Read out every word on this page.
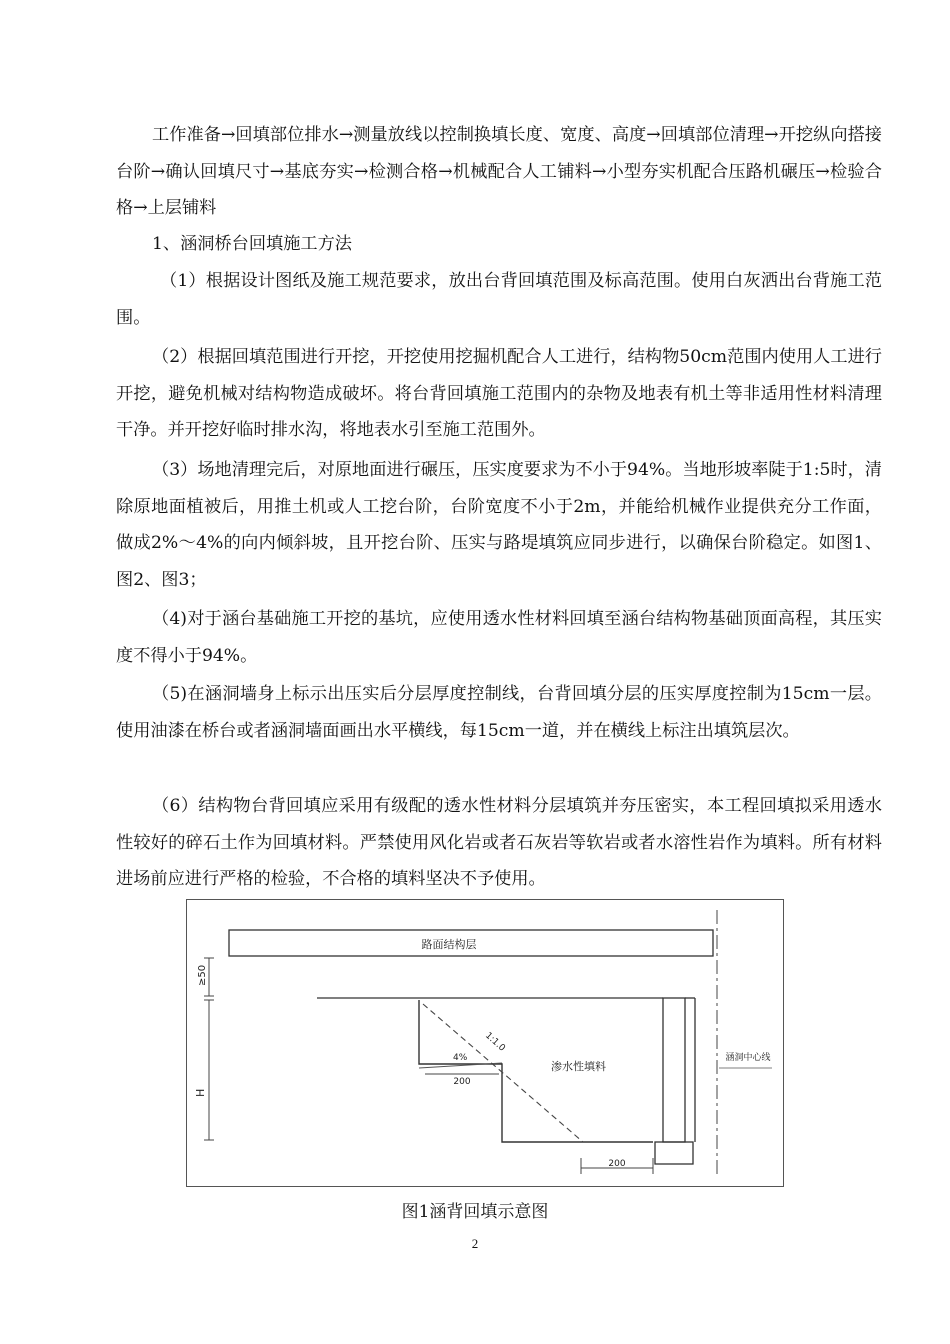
工作准备→回填部位排水→测量放线以控制换填长度、宽度、高度→回填部位清理→开挖纵向搭接台阶→确认回填尺寸→基底夯实→检测合格→机械配合人工铺料→小型夯实机配合压路机碾压→检验合格→上层铺料

1、涵洞桥台回填施工方法

（1）根据设计图纸及施工规范要求，放出台背回填范围及标高范围。使用白灰洒出台背施工范围。

（2）根据回填范围进行开挖，开挖使用挖掘机配合人工进行，结构物50cm范围内使用人工进行开挖，避免机械对结构物造成破坏。将台背回填施工范围内的杂物及地表有机土等非适用性材料清理干净。并开挖好临时排水沟，将地表水引至施工范围外。

（3）场地清理完后，对原地面进行碾压，压实度要求为不小于94%。当地形坡率陡于1:5时，清除原地面植被后，用推土机或人工挖台阶，台阶宽度不小于2m，并能给机械作业提供充分工作面，做成2%～4%的向内倾斜坡，且开挖台阶、压实与路堤填筑应同步进行，以确保台阶稳定。如图1、图2、图3；

（4)对于涵台基础施工开挖的基坑，应使用透水性材料回填至涵台结构物基础顶面高程，其压实度不得小于94%。

（5)在涵洞墙身上标示出压实后分层厚度控制线，台背回填分层的压实厚度控制为15cm一层。使用油漆在桥台或者涵洞墙面画出水平横线，每15cm一道，并在横线上标注出填筑层次。

（6）结构物台背回填应采用有级配的透水性材料分层填筑并夯压密实，本工程回填拟采用透水性较好的碎石土作为回填材料。严禁使用风化岩或者石灰岩等软岩或者水溶性岩作为填料。所有材料进场前应进行严格的检验，不合格的填料坚决不予使用。

路面结构层
≥50
H
4%
1:1.0
渗水性填料
200
涵洞中心线
200
图1涵背回填示意图
2
